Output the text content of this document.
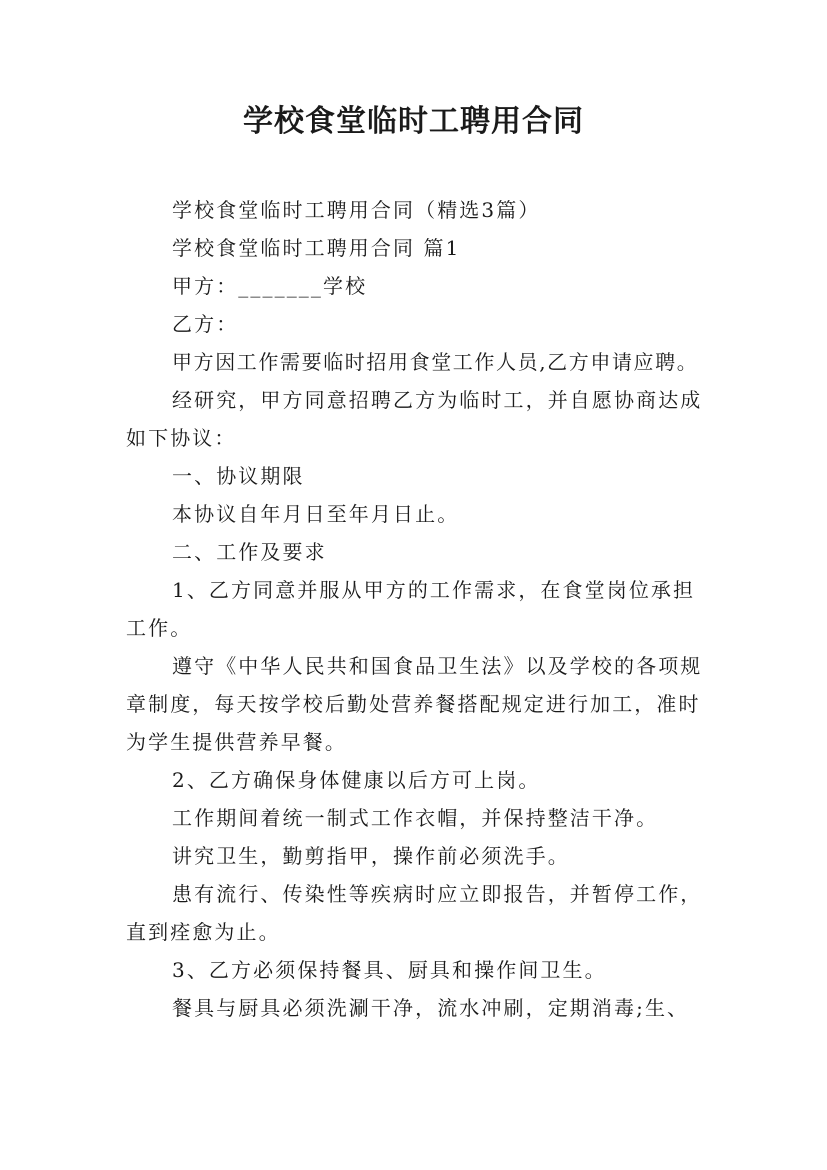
学校食堂临时工聘用合同

学校食堂临时工聘用合同（精选3篇）

学校食堂临时工聘用合同 篇1

甲方：_______学校

乙方：

甲方因工作需要临时招用食堂工作人员,乙方申请应聘。

经研究，甲方同意招聘乙方为临时工，并自愿协商达成如下协议：

一、协议期限

本协议自年月日至年月日止。

二、工作及要求

1、乙方同意并服从甲方的工作需求，在食堂岗位承担工作。

遵守《中华人民共和国食品卫生法》以及学校的各项规章制度，每天按学校后勤处营养餐搭配规定进行加工，准时为学生提供营养早餐。

2、乙方确保身体健康以后方可上岗。

工作期间着统一制式工作衣帽，并保持整洁干净。

讲究卫生，勤剪指甲，操作前必须洗手。

患有流行、传染性等疾病时应立即报告，并暂停工作，直到痊愈为止。

3、乙方必须保持餐具、厨具和操作间卫生。

餐具与厨具必须洗涮干净，流水冲刷，定期消毒;生、
